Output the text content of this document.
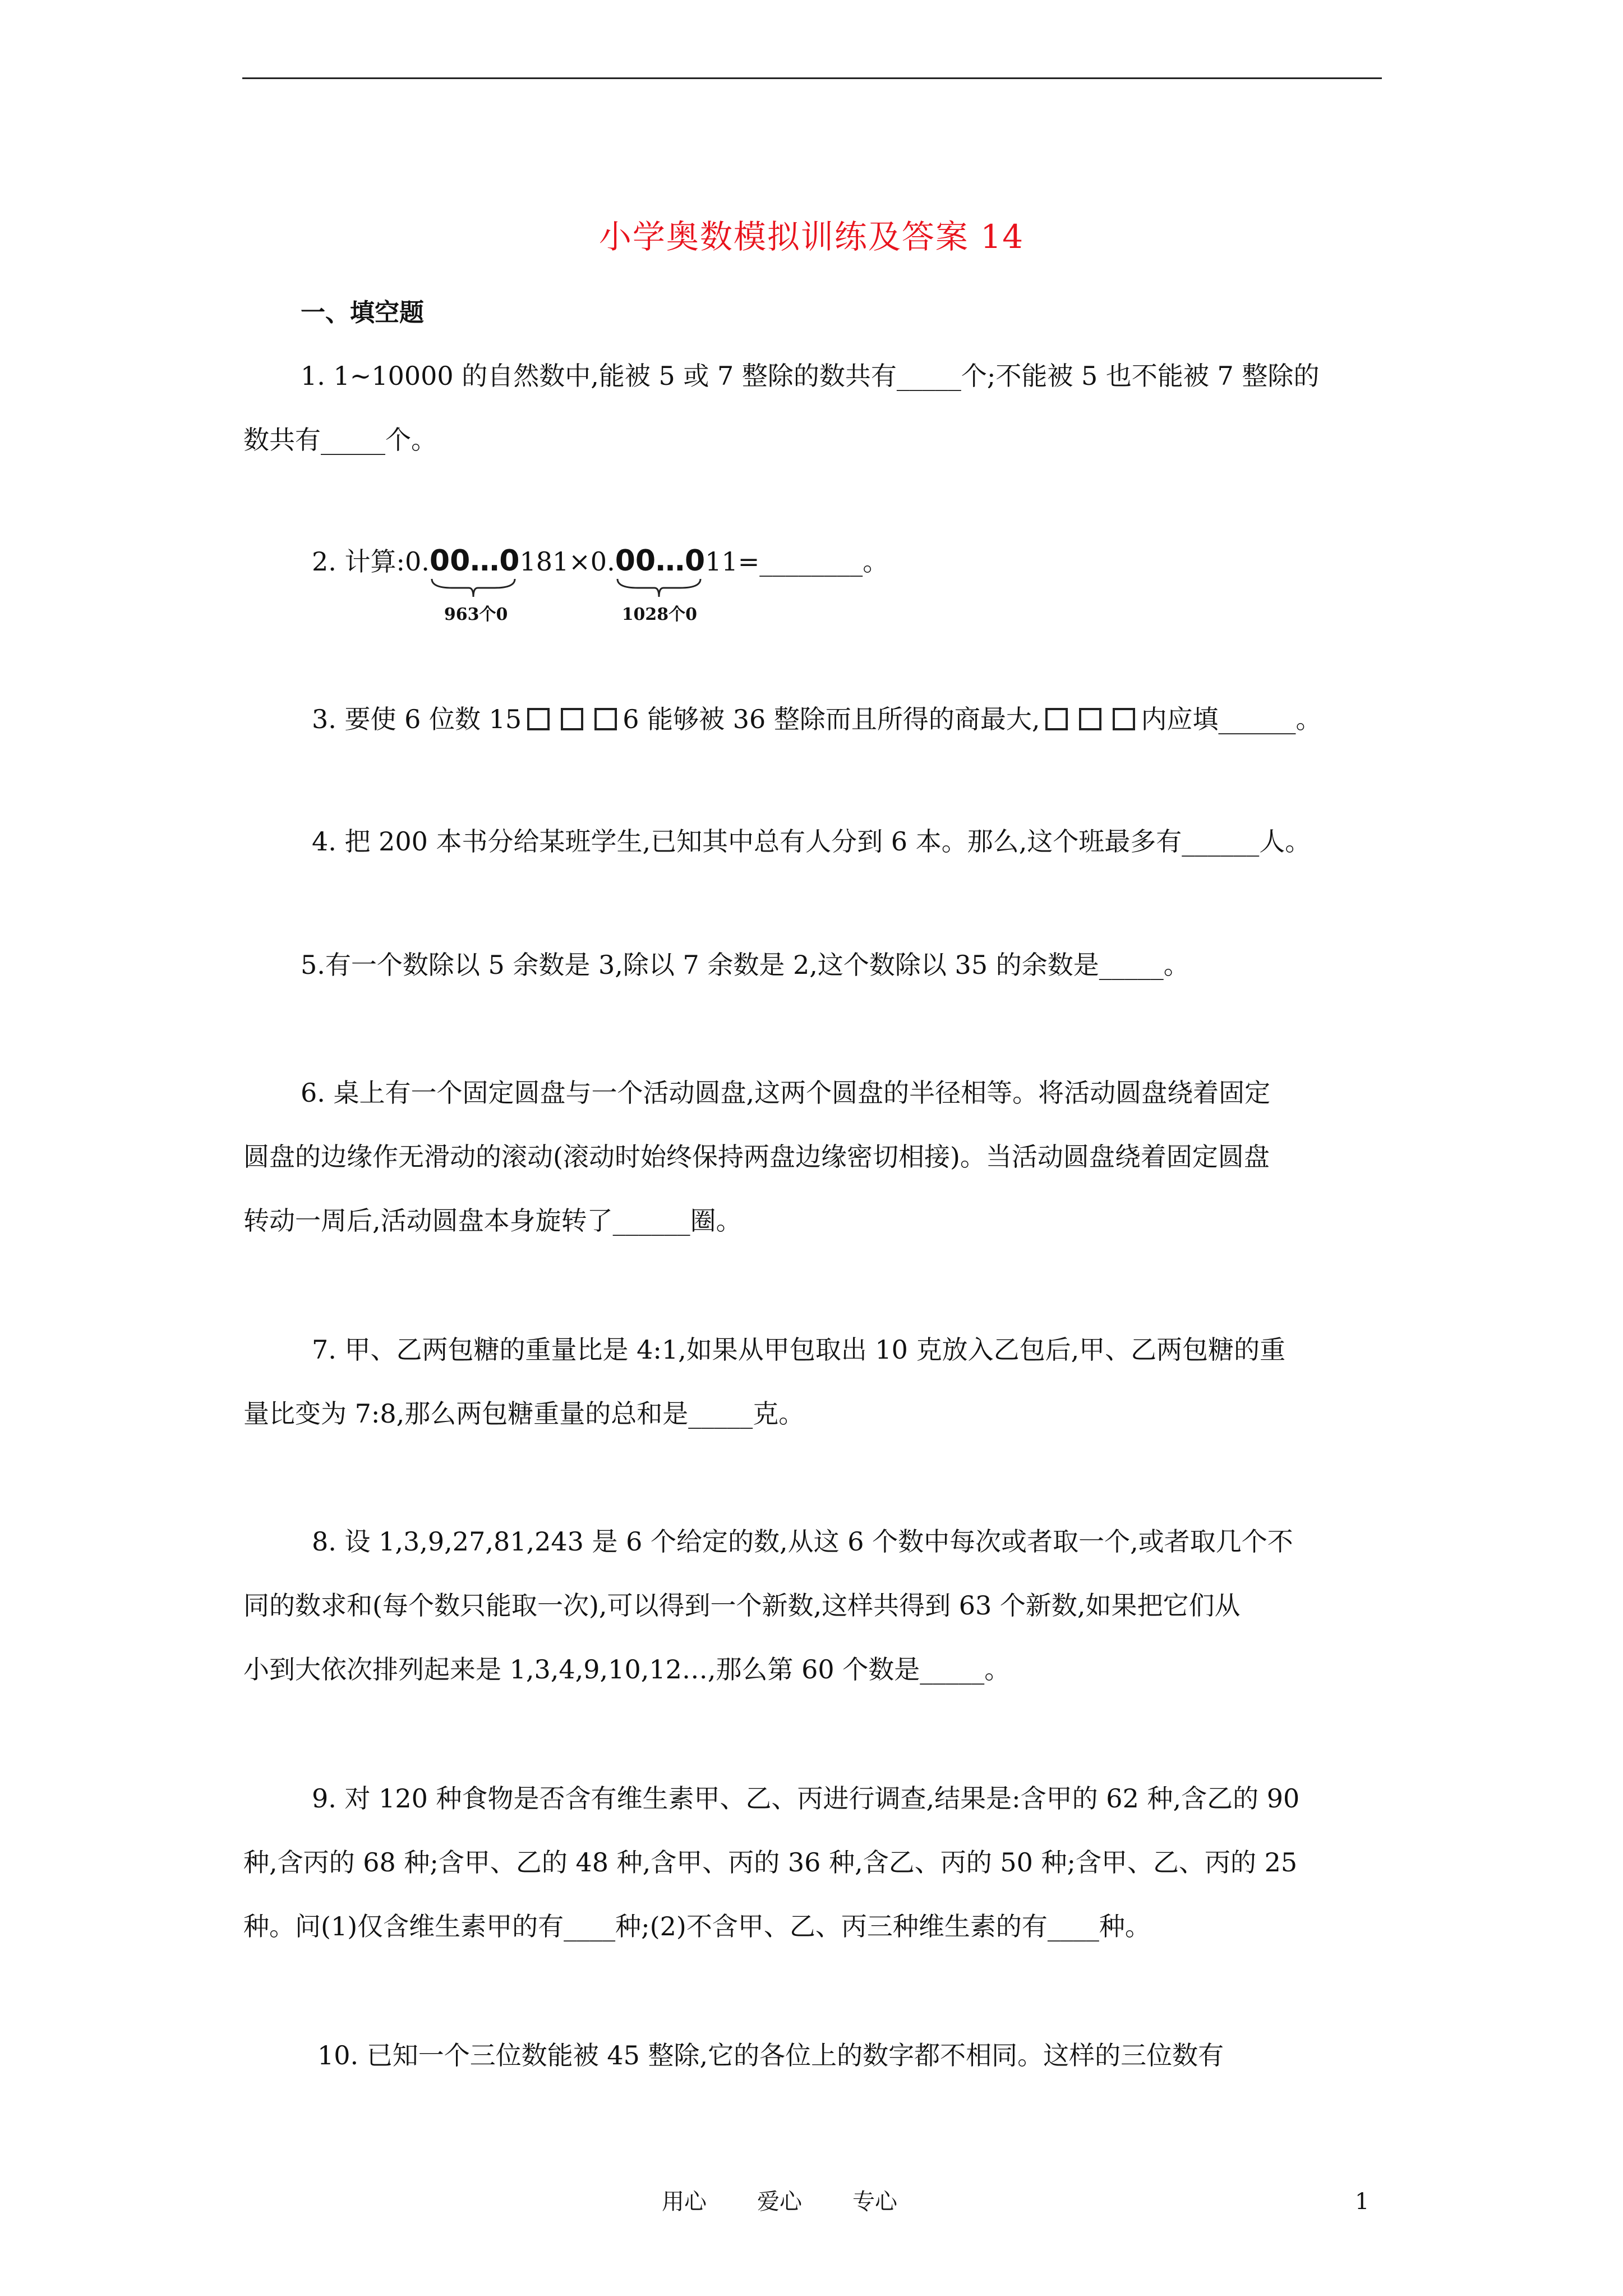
小学奥数模拟训练及答案 14
一、填空题
1. 1~10000 的自然数中,能被 5 或 7 整除的数共有_____个;不能被 5 也不能被 7 整除的
数共有_____个。
2. 计算:0.00…0
963个0
181×0.00…0
1028个0
11=________。
3. 要使 6 位数 15	6 能够被 36 整除而且所得的商最大,	内应填______。
4. 把 200 本书分给某班学生,已知其中总有人分到 6 本。那么,这个班最多有______人。
5.有一个数除以 5 余数是 3,除以 7 余数是 2,这个数除以 35 的余数是_____。
6. 桌上有一个固定圆盘与一个活动圆盘,这两个圆盘的半径相等。将活动圆盘绕着固定
圆盘的边缘作无滑动的滚动(滚动时始终保持两盘边缘密切相接)。当活动圆盘绕着固定圆盘
转动一周后,活动圆盘本身旋转了______圈。
7. 甲、乙两包糖的重量比是 4:1,如果从甲包取出 10 克放入乙包后,甲、乙两包糖的重
量比变为 7:8,那么两包糖重量的总和是_____克。
8. 设 1,3,9,27,81,243 是 6 个给定的数,从这 6 个数中每次或者取一个,或者取几个不
同的数求和(每个数只能取一次),可以得到一个新数,这样共得到 63 个新数,如果把它们从
小到大依次排列起来是 1,3,4,9,10,12…,那么第 60 个数是_____。
9. 对 120 种食物是否含有维生素甲、乙、丙进行调查,结果是:含甲的 62 种,含乙的 90
种,含丙的 68 种;含甲、乙的 48 种,含甲、丙的 36 种,含乙、丙的 50 种;含甲、乙、丙的 25
种。问(1)仅含维生素甲的有____种;(2)不含甲、乙、丙三种维生素的有____种。
10. 已知一个三位数能被 45 整除,它的各位上的数字都不相同。这样的三位数有
用心 爱心 专心	1
